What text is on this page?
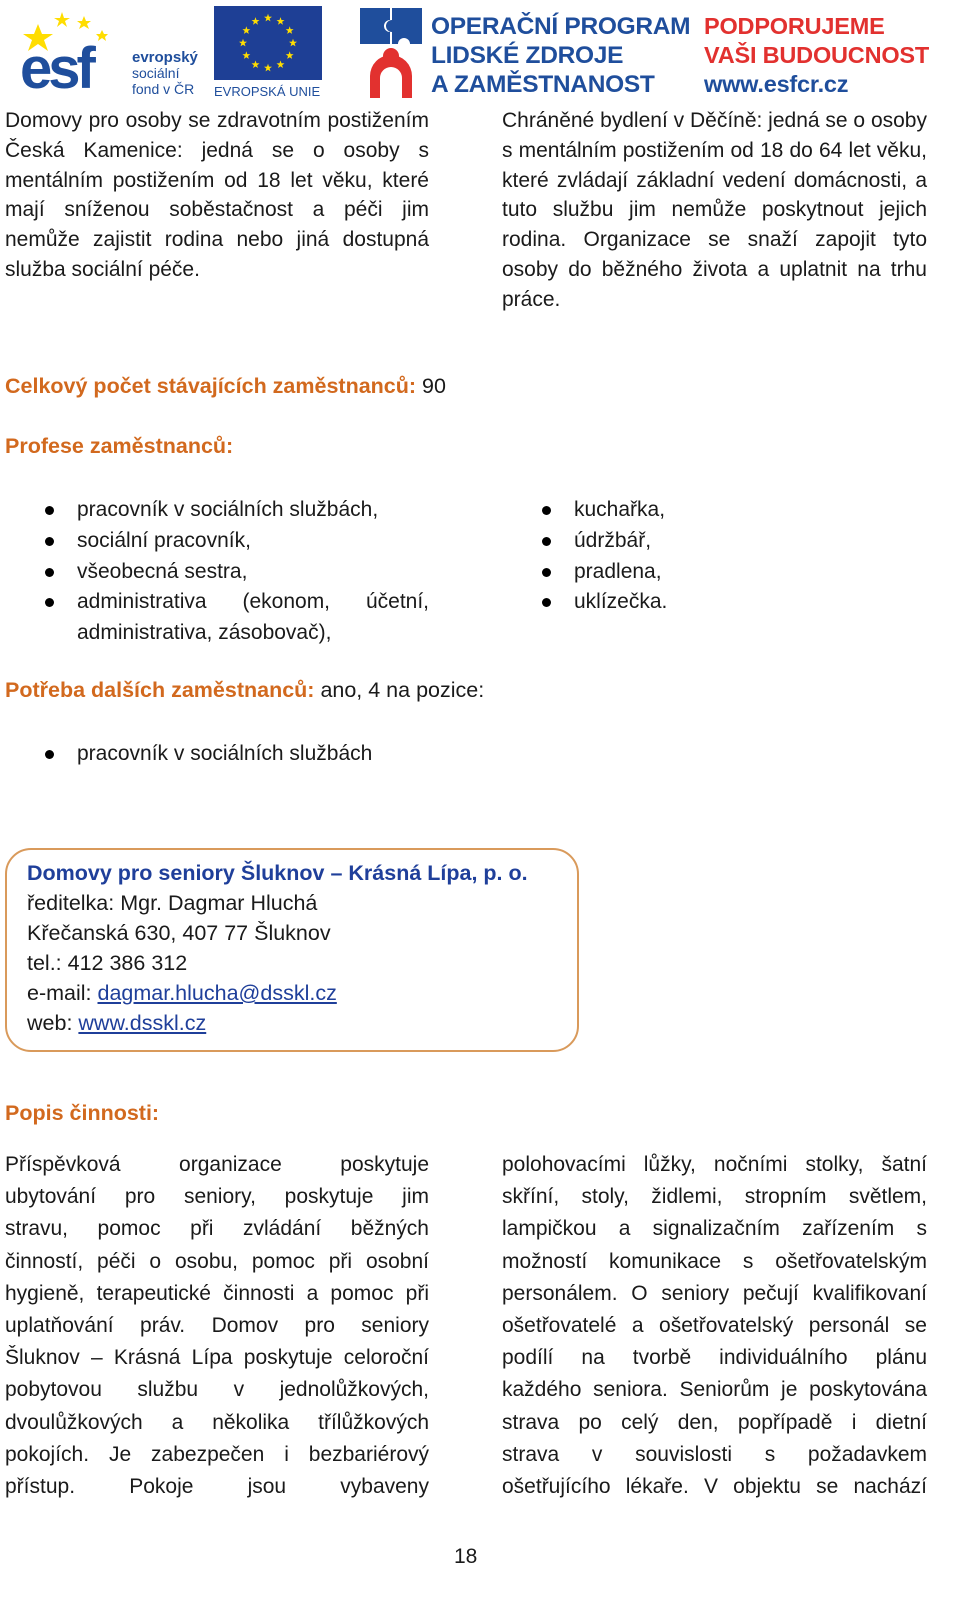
esf	evropský
sociální
fond v ČR EVROPSKÁ UNIE
OPERAČNÍ PROGRAM
LIDSKÉ ZDROJE
A ZAMĚSTNANOST
PODPORUJEME
VAŠI BUDOUCNOST
www.esfcr.cz
Domovy pro osoby se zdravotním postižením Česká Kamenice: jedná se o osoby s mentálním postižením od 18 let věku, které mají sníženou soběstačnost a péči jim nemůže zajistit rodina nebo jiná dostupná služba sociální péče.
Chráněné bydlení v Děčíně: jedná se o osoby s mentálním postižením od 18 do 64 let věku, které zvládají základní vedení domácnosti, a tuto službu jim nemůže poskytnout jejich rodina. Organizace se snaží zapojit tyto osoby do běžného života a uplatnit na trhu práce.
Celkový počet stávajících zaměstnanců: 90
Profese zaměstnanců:
pracovník v sociálních službách,
sociální pracovník,
všeobecná sestra,
administrativa (ekonom, účetní, administrativa, zásobovač),
kuchařka,
údržbář,
pradlena,
uklízečka.
Potřeba dalších zaměstnanců: ano, 4 na pozice:
pracovník v sociálních službách
Domovy pro seniory Šluknov – Krásná Lípa, p. o.
ředitelka: Mgr. Dagmar Hluchá
Křečanská 630, 407 77 Šluknov
tel.: 412 386 312
e-mail: dagmar.hlucha@dsskl.cz
web: www.dsskl.cz
Popis činnosti:

Příspěvková organizace poskytuje

ubytování pro seniory, poskytuje jim

stravu, pomoc při zvládání běžných

činností, péči o osobu, pomoc při osobní

hygieně, terapeutické činnosti a pomoc při

uplatňování práv. Domov pro seniory

Šluknov – Krásná Lípa poskytuje celoroční

pobytovou službu v jednolůžkových,

dvoulůžkových a několika třílůžkových

pokojích. Je zabezpečen i bezbariérový

přístup. Pokoje jsou vybaveny

polohovacími lůžky, nočními stolky, šatní

skříní, stoly, židlemi, stropním světlem,

lampičkou a signalizačním zařízením s

možností komunikace s ošetřovatelským

personálem. O seniory pečují kvalifikovaní

ošetřovatelé a ošetřovatelský personál se

podílí na tvorbě individuálního plánu

každého seniora. Seniorům je poskytována

strava po celý den, popřípadě i dietní

strava v souvislosti s požadavkem

ošetřujícího lékaře. V objektu se nachází

18
